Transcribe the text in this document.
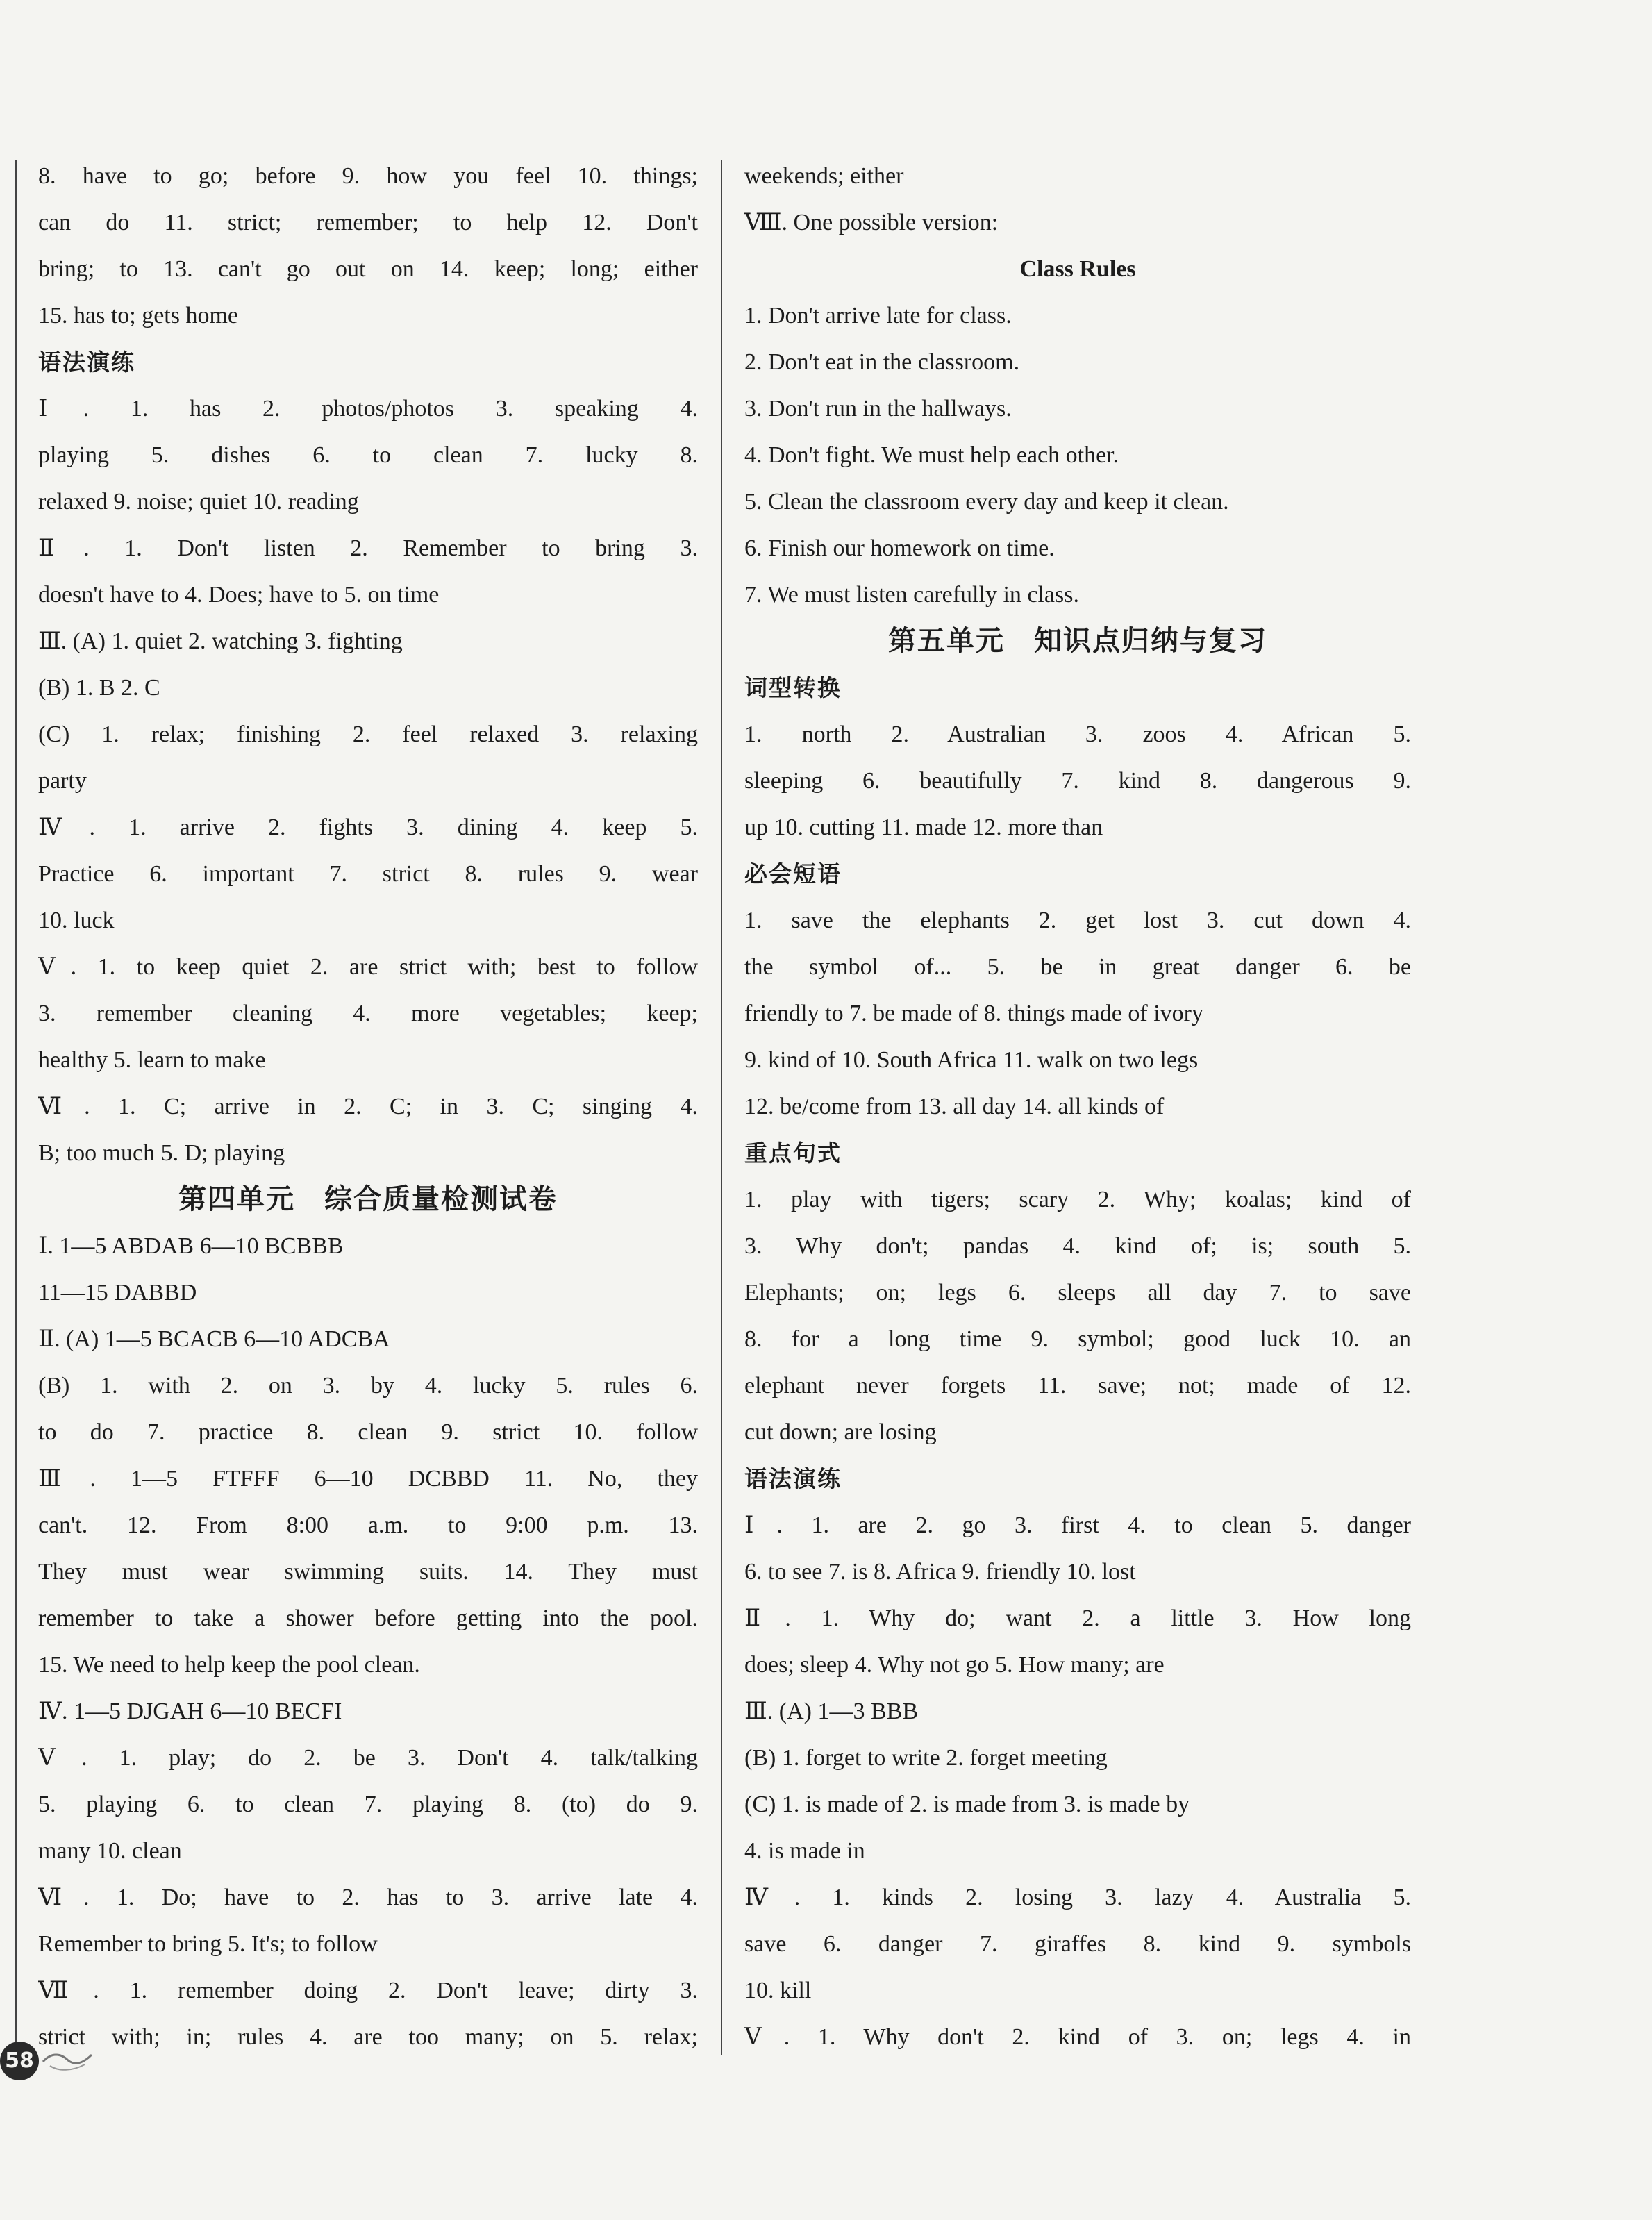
8. have to go; before 9. how you feel 10. things;
can do 11. strict; remember; to help 12. Don't
bring; to 13. can't go out on 14. keep; long; either
15. has to; gets home
语法演练
Ⅰ. 1. has 2. photos/photos 3. speaking 4.
playing 5. dishes 6. to clean 7. lucky 8.
relaxed 9. noise; quiet 10. reading
Ⅱ. 1. Don't listen 2. Remember to bring 3.
doesn't have to 4. Does; have to 5. on time
Ⅲ. (A) 1. quiet 2. watching 3. fighting
(B) 1. B 2. C
(C) 1. relax; finishing 2. feel relaxed 3. relaxing
party
Ⅳ. 1. arrive 2. fights 3. dining 4. keep 5.
Practice 6. important 7. strict 8. rules 9. wear
10. luck
Ⅴ. 1. to keep quiet 2. are strict with; best to follow
3. remember cleaning 4. more vegetables; keep;
healthy 5. learn to make
Ⅵ. 1. C; arrive in 2. C; in 3. C; singing 4.
B; too much 5. D; playing
第四单元　综合质量检测试卷
Ⅰ. 1—5 ABDAB 6—10 BCBBB
11—15 DABBD
Ⅱ. (A) 1—5 BCACB 6—10 ADCBA
(B) 1. with 2. on 3. by 4. lucky 5. rules 6.
to do 7. practice 8. clean 9. strict 10. follow
Ⅲ. 1—5 FTFFF 6—10 DCBBD 11. No, they
can't. 12. From 8:00 a.m. to 9:00 p.m. 13.
They must wear swimming suits. 14. They must
remember to take a shower before getting into the pool.
15. We need to help keep the pool clean.
Ⅳ. 1—5 DJGAH 6—10 BECFI
Ⅴ. 1. play; do 2. be 3. Don't 4. talk/talking
5. playing 6. to clean 7. playing 8. (to) do 9.
many 10. clean
Ⅵ. 1. Do; have to 2. has to 3. arrive late 4.
Remember to bring 5. It's; to follow
Ⅶ. 1. remember doing 2. Don't leave; dirty 3.
strict with; in; rules 4. are too many; on 5. relax;
weekends; either
Ⅷ. One possible version:
Class Rules
1. Don't arrive late for class.
2. Don't eat in the classroom.
3. Don't run in the hallways.
4. Don't fight. We must help each other.
5. Clean the classroom every day and keep it clean.
6. Finish our homework on time.
7. We must listen carefully in class.
第五单元　知识点归纳与复习
词型转换
1. north 2. Australian 3. zoos 4. African 5.
sleeping 6. beautifully 7. kind 8. dangerous 9.
up 10. cutting 11. made 12. more than
必会短语
1. save the elephants 2. get lost 3. cut down 4.
the symbol of... 5. be in great danger 6. be
friendly to 7. be made of 8. things made of ivory
9. kind of 10. South Africa 11. walk on two legs
12. be/come from 13. all day 14. all kinds of
重点句式
1. play with tigers; scary 2. Why; koalas; kind of
3. Why don't; pandas 4. kind of; is; south 5.
Elephants; on; legs 6. sleeps all day 7. to save
8. for a long time 9. symbol; good luck 10. an
elephant never forgets 11. save; not; made of 12.
cut down; are losing
语法演练
Ⅰ. 1. are 2. go 3. first 4. to clean 5. danger
6. to see 7. is 8. Africa 9. friendly 10. lost
Ⅱ. 1. Why do; want 2. a little 3. How long
does; sleep 4. Why not go 5. How many; are
Ⅲ. (A) 1—3 BBB
(B) 1. forget to write 2. forget meeting
(C) 1. is made of 2. is made from 3. is made by
4. is made in
Ⅳ. 1. kinds 2. losing 3. lazy 4. Australia 5.
save 6. danger 7. giraffes 8. kind 9. symbols
10. kill
Ⅴ. 1. Why don't 2. kind of 3. on; legs 4. in
58
